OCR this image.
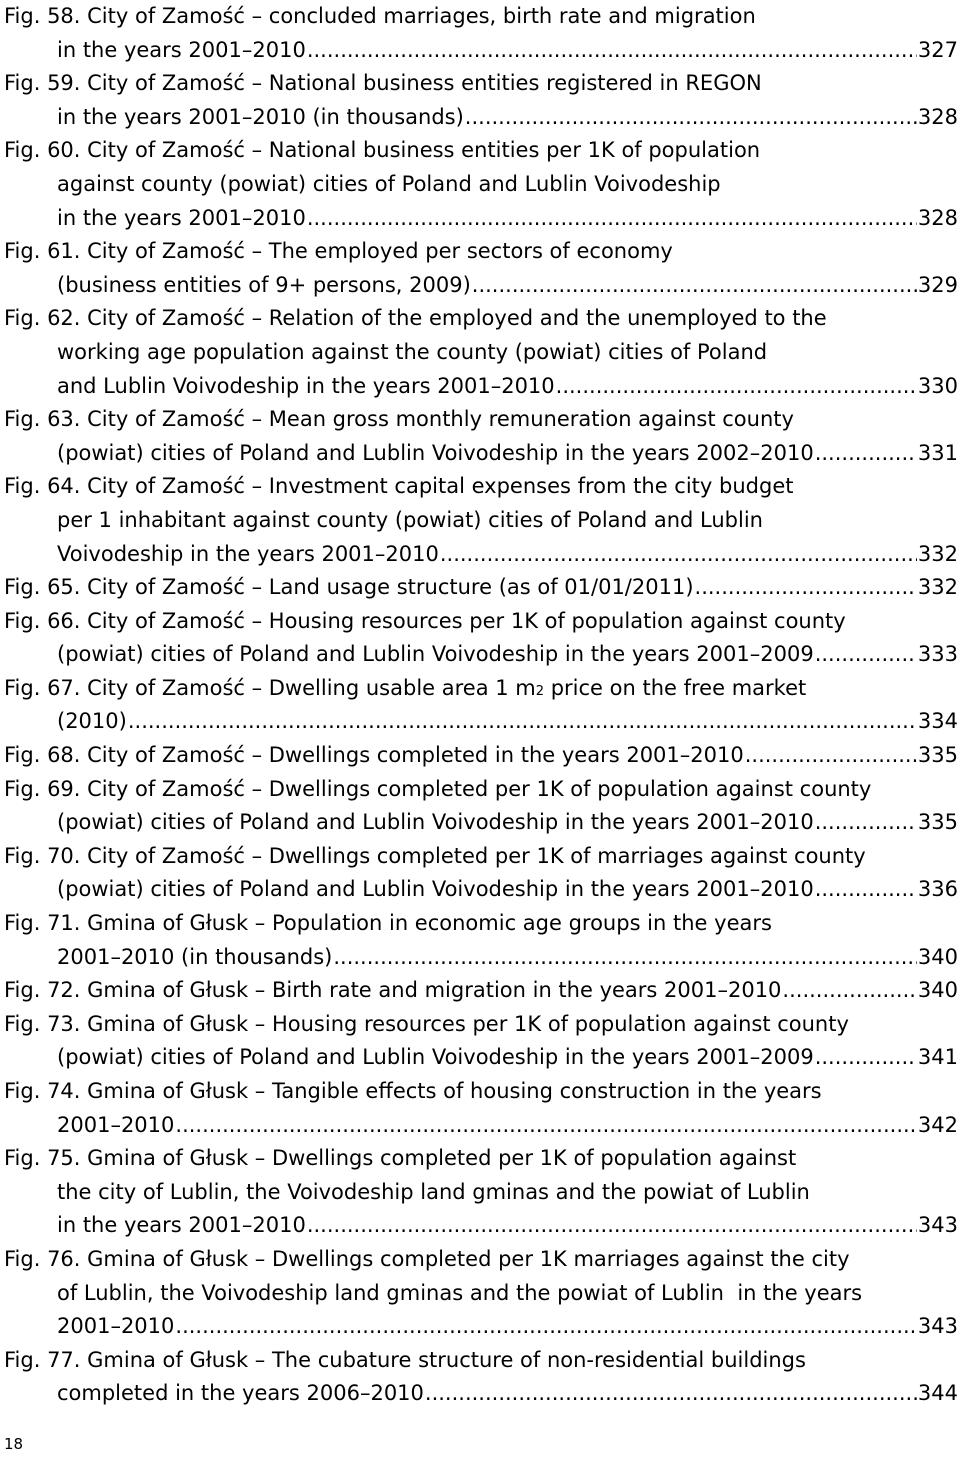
Fig. 58. City of Zamość – concluded marriages, birth rate and migration
in the years 2001–2010 .....	327
Fig. 59. City of Zamość – National business entities registered in REGON
in the years 2001–2010 (in thousands) .....	328
Fig. 60. City of Zamość – National business entities per 1K of population
against county (powiat) cities of Poland and Lublin Voivodeship
in the years 2001–2010 .....	328
Fig. 61. City of Zamość – The employed per sectors of economy
(business entities of 9+ persons, 2009) .....	329
Fig. 62. City of Zamość – Relation of the employed and the unemployed to the
working age population against the county (powiat) cities of Poland
and Lublin Voivodeship in the years 2001–2010 .....	330
Fig. 63. City of Zamość – Mean gross monthly remuneration against county
(powiat) cities of Poland and Lublin Voivodeship in the years 2002–2010 .....	331
Fig. 64. City of Zamość – Investment capital expenses from the city budget
per 1 inhabitant against county (powiat) cities of Poland and Lublin
Voivodeship in the years 2001–2010 .....	332
Fig. 65. City of Zamość – Land usage structure (as of 01/01/2011) .....	332
Fig. 66. City of Zamość – Housing resources per 1K of population against county
(powiat) cities of Poland and Lublin Voivodeship in the years 2001–2009 .....	333
Fig. 67. City of Zamość – Dwelling usable area 1 m 2 price on the free market
(2010) .....	334
Fig. 68. City of Zamość – Dwellings completed in the years 2001–2010 .....	335
Fig. 69. City of Zamość – Dwellings completed per 1K of population against county
(powiat) cities of Poland and Lublin Voivodeship in the years 2001–2010 .....	335
Fig. 70. City of Zamość – Dwellings completed per 1K of marriages against county
(powiat) cities of Poland and Lublin Voivodeship in the years 2001–2010 .....	336
Fig. 71. Gmina of Głusk – Population in economic age groups in the years
2001–2010 (in thousands) .....	340
Fig. 72. Gmina of Głusk – Birth rate and migration in the years 2001–2010 .....	340
Fig. 73. Gmina of Głusk – Housing resources per 1K of population against county
(powiat) cities of Poland and Lublin Voivodeship in the years 2001–2009 .....	341
Fig. 74. Gmina of Głusk – Tangible effects of housing construction in the years
2001–2010 .....	342
Fig. 75. Gmina of Głusk – Dwellings completed per 1K of population against
the city of Lublin, the Voivodeship land gminas and the powiat of Lublin
in the years 2001–2010 .....	343
Fig. 76. Gmina of Głusk – Dwellings completed per 1K marriages against the city
of Lublin, the Voivodeship land gminas and the powiat of Lublin  in the years
2001–2010 .....	343
Fig. 77. Gmina of Głusk – The cubature structure of non-residential buildings
completed in the years 2006–2010 .....	344
18
